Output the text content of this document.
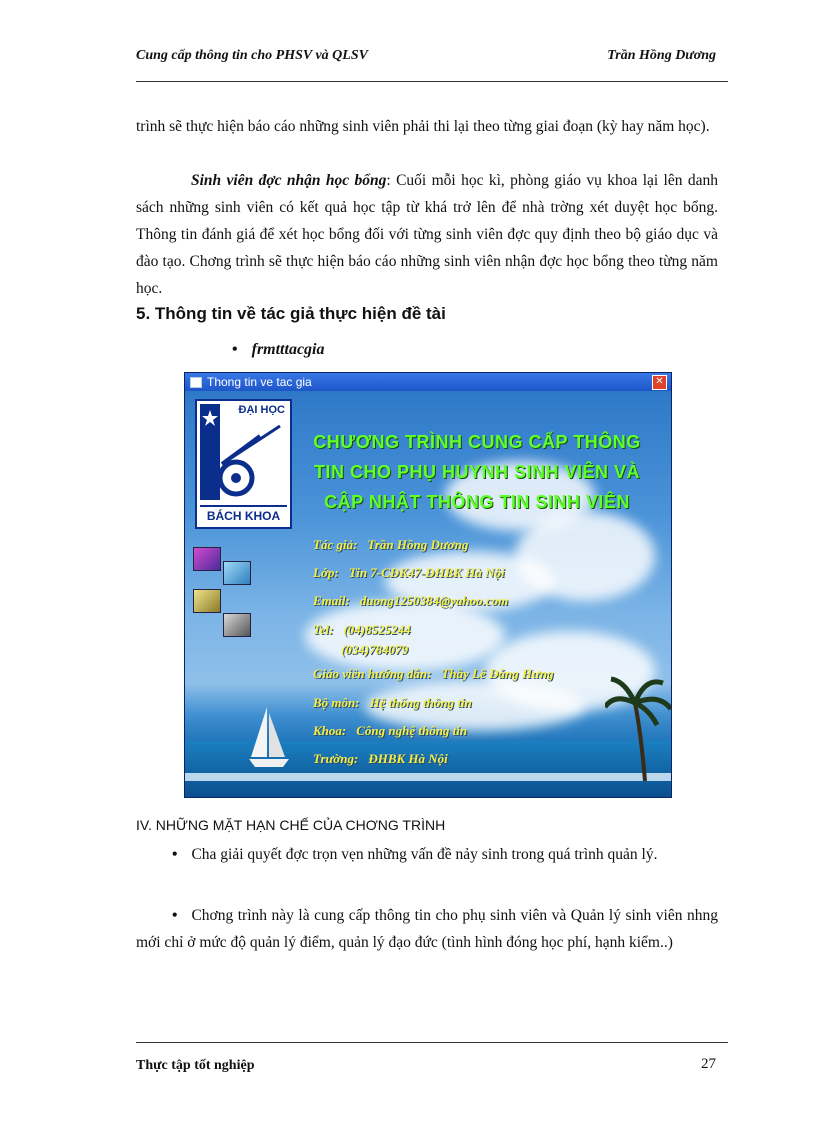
Cung cấp thông tin cho PHSV và QLSV	Trần Hồng Dương
trình sẽ thực hiện báo cáo những sinh viên phải thi lại theo từng giai đoạn (kỳ hay năm học).
Sinh viên đợc nhận học bổng: Cuối mỗi học kì, phòng giáo vụ khoa lại lên danh sách những sinh viên có kết quả học tập từ khá trở lên để nhà trờng xét duyệt học bổng. Thông tin đánh giá để xét học bổng đối với từng sinh viên đợc quy định theo bộ giáo dục và đào tạo. Chơng trình sẽ thực hiện báo cáo những sinh viên nhận đợc học bổng theo từng năm học.
5. Thông tin về tác giả thực hiện đề tài
• frmtttacgia
Thong tin ve tac gia	✕
ĐẠI HỌC
BÁCH KHOA
CHƯƠNG TRÌNH CUNG CẤP THÔNG
TIN CHO PHỤ HUYNH SINH VIÊN VÀ
CẬP NHẬT THÔNG TIN SINH VIÊN
Tác giả: Trần Hồng Dương
Lớp: Tin 7-CĐK47-ĐHBK Hà Nội
Email: duong1250384@yahoo.com
Tel: (04)8525244
(034)784079
Giáo viên hướng dẫn: Thầy Lê Đăng Hưng
Bộ môn: Hệ thống thông tin
Khoa: Công nghệ thông tin
Trường: ĐHBK Hà Nội
IV. NHỮNG MẶT HẠN CHẾ CỦA CHƠNG TRÌNH
• Cha giải quyết đợc trọn vẹn những vấn đề nảy sinh trong quá trình quản lý.
• Chơng trình này là cung cấp thông tin cho phụ sinh viên và Quản lý sinh viên nhng mới chỉ ở mức độ quản lý điểm, quản lý đạo đức (tình hình đóng học phí, hạnh kiểm..)
Thực tập tốt nghiệp	27
